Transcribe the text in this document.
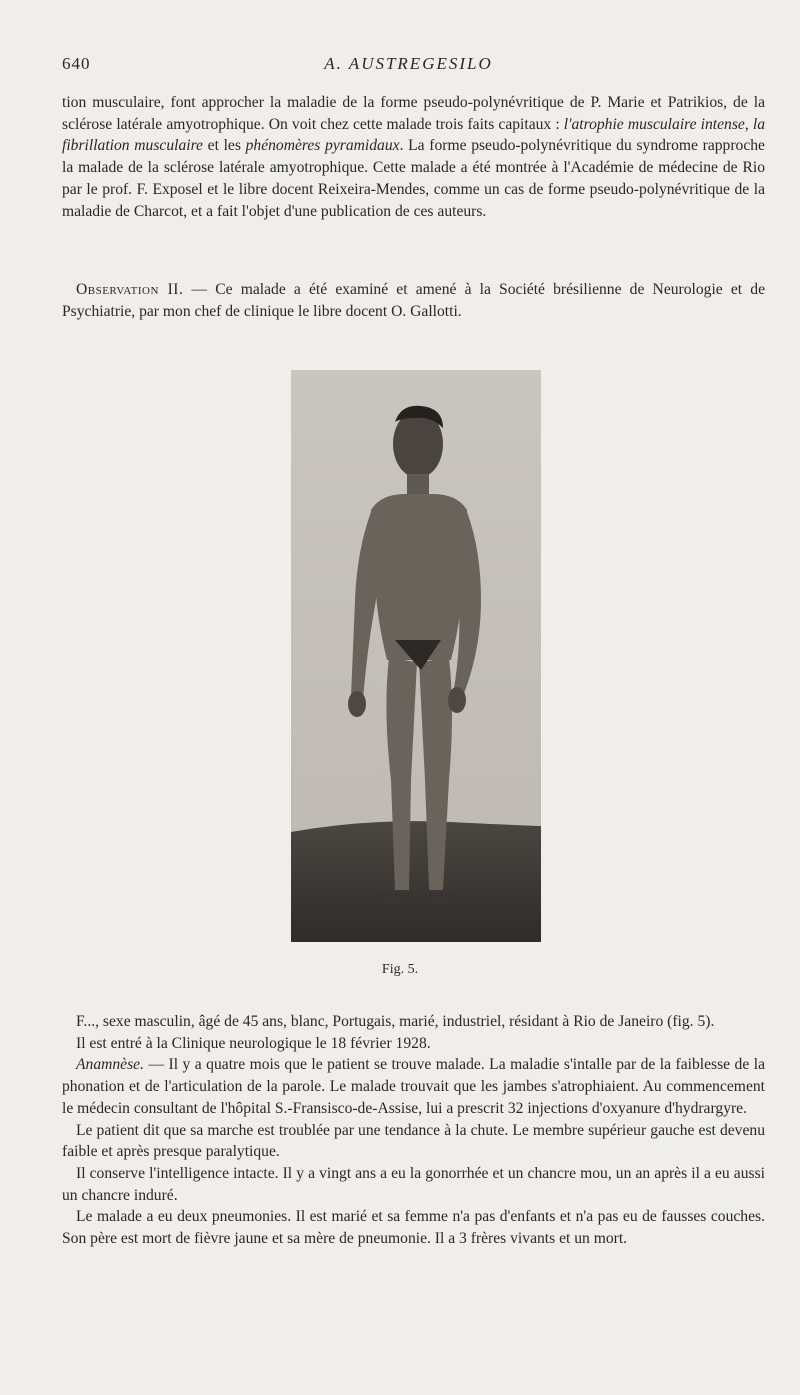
640	A. AUSTREGESILO

tion musculaire, font approcher la maladie de la forme pseudo-polynévritique de P. Marie et Patrikios, de la sclérose latérale amyotrophique. On voit chez cette malade trois faits capitaux : l'atrophie musculaire intense, la fibrillation musculaire et les phénomères pyramidaux. La forme pseudo-polynévritique du syndrome rapproche la malade de la sclérose latérale amyotrophique. Cette malade a été montrée à l'Académie de médecine de Rio par le prof. F. Exposel et le libre docent Reixeira-Mendes, comme un cas de forme pseudo-polynévritique de la maladie de Charcot, et a fait l'objet d'une publication de ces auteurs.

Observation II. — Ce malade a été examiné et amené à la Société brésilienne de Neurologie et de Psychiatrie, par mon chef de clinique le libre docent O. Gallotti.

Fig. 5.

F..., sexe masculin, âgé de 45 ans, blanc, Portugais, marié, industriel, résidant à Rio de Janeiro (fig. 5).

Il est entré à la Clinique neurologique le 18 février 1928.

Anamnèse. — Il y a quatre mois que le patient se trouve malade. La maladie s'intalle par de la faiblesse de la phonation et de l'articulation de la parole. Le malade trouvait que les jambes s'atrophiaient. Au commencement le médecin consultant de l'hôpital S.-Fransisco-de-Assise, lui a prescrit 32 injections d'oxyanure d'hydrargyre.

Le patient dit que sa marche est troublée par une tendance à la chute. Le membre supérieur gauche est devenu faible et après presque paralytique.

Il conserve l'intelligence intacte. Il y a vingt ans a eu la gonorrhée et un chancre mou, un an après il a eu aussi un chancre induré.

Le malade a eu deux pneumonies. Il est marié et sa femme n'a pas d'enfants et n'a pas eu de fausses couches. Son père est mort de fièvre jaune et sa mère de pneumonie. Il a 3 frères vivants et un mort.
